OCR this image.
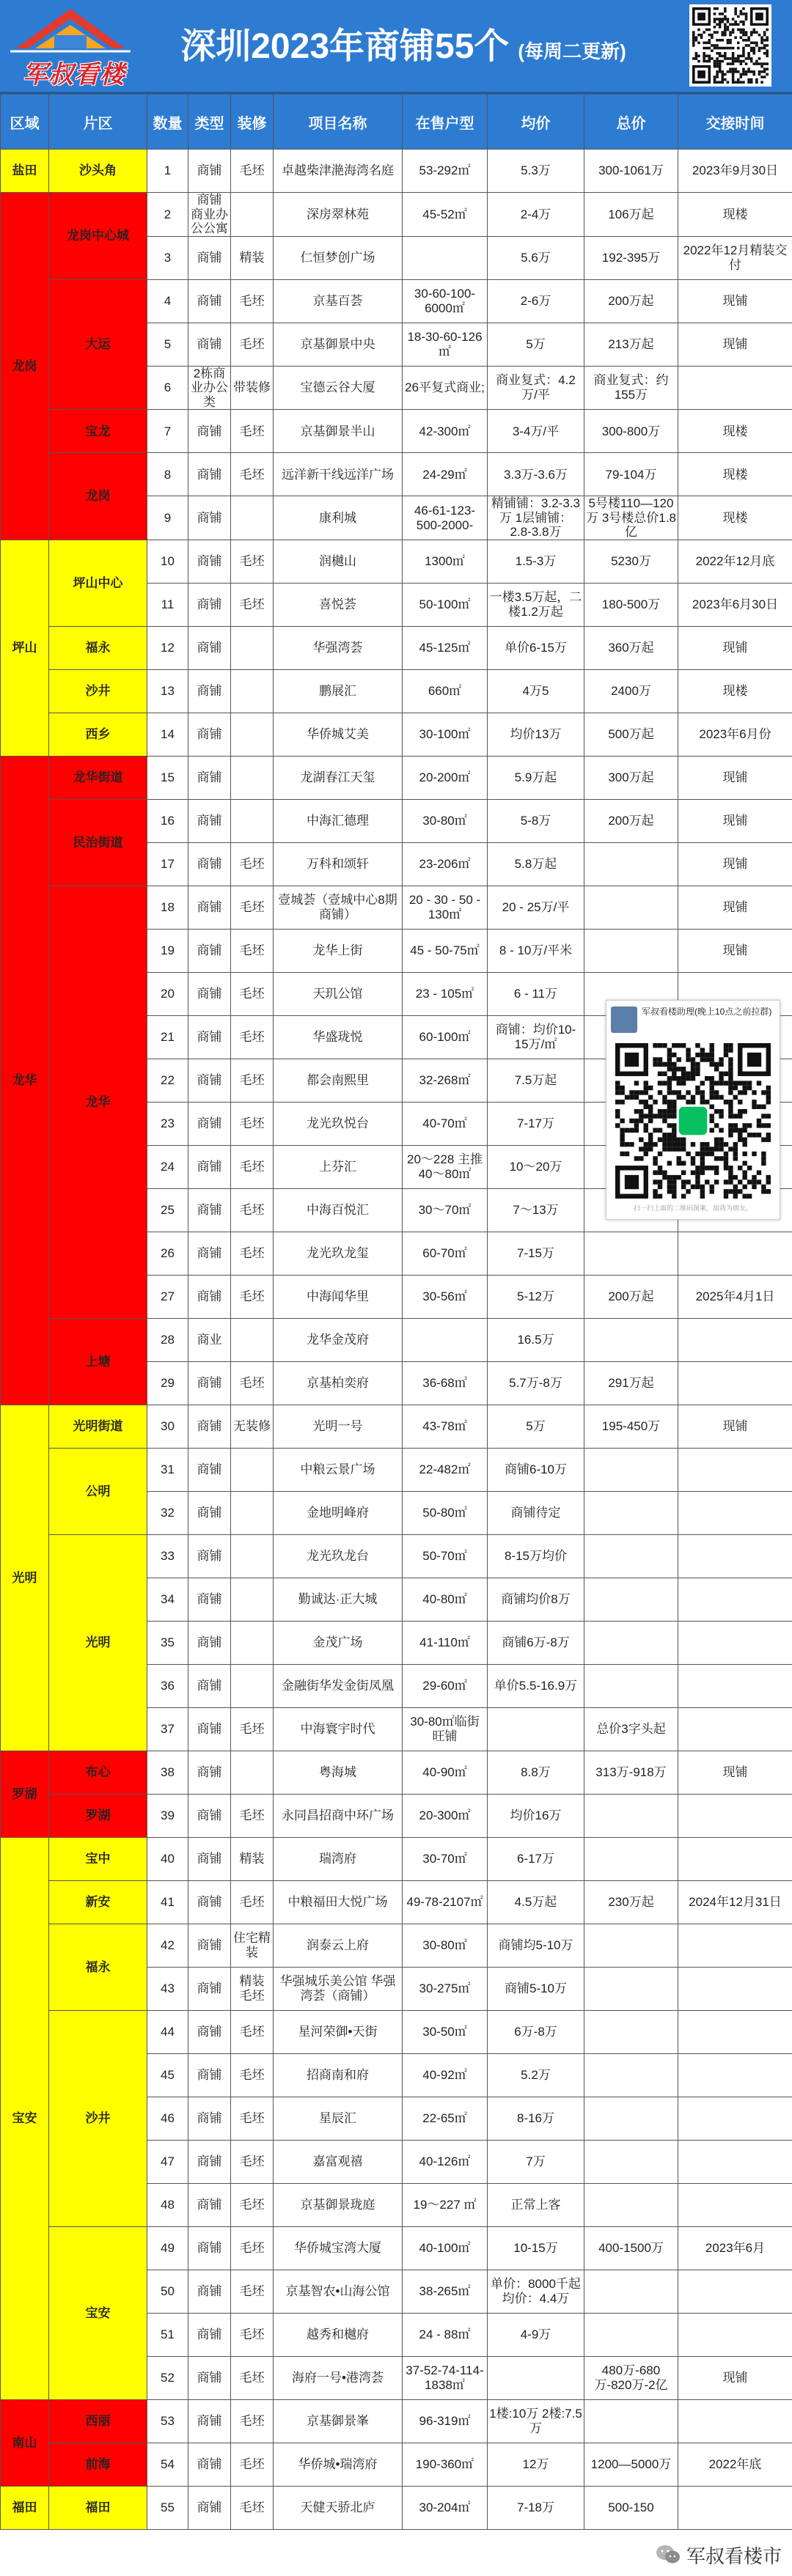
军叔看楼
深圳2023年商铺55个 (每周二更新)
区域	片区	数量	类型	装修	项目名称	在售户型	均价	总价	交接时间
盐田	沙头角	1	商铺	毛坯	卓越柴津滟海湾名庭	53-292㎡	5.3万	300-1061万	2023年9月30日
龙岗	龙岗中心城	2	商铺 商业办公公寓		深房翠林苑	45-52㎡	2-4万	106万起	现楼
		3	商铺	精装	仁恒梦创广场		5.6万	192-395万	2022年12月精装交付
	大运	4	商铺	毛坯	京基百荟	30-60-100-6000㎡	2-6万	200万起	现铺
		5	商铺	毛坯	京基御景中央	18-30-60-126㎡	5万	213万起	现铺
		6	2栋商业办公类	带装修	宝德云谷大厦	26平复式商业;	商业复式：4.2万/平	商业复式：约155万	
	宝龙	7	商铺	毛坯	京基御景半山	42-300㎡	3-4万/平	300-800万	现楼
	龙岗	8	商铺	毛坯	远洋新干线远洋广场	24-29㎡	3.3万-3.6万	79-104万	现楼
		9	商铺		康利城	46-61-123-500-2000-	精铺铺：3.2-3.3万 1层铺铺：2.8-3.8万	5号楼110—120万 3号楼总价1.8亿	现楼
坪山	坪山中心	10	商铺	毛坯	润樾山	1300㎡	1.5-3万	5230万	2022年12月底
		11	商铺	毛坯	喜悦荟	50-100㎡	一楼3.5万起，二楼1.2万起	180-500万	2023年6月30日
	福永	12	商铺		华强湾荟	45-125㎡	单价6-15万	360万起	现铺
	沙井	13	商铺		鹏展汇	660㎡	4万5	2400万	现楼
	西乡	14	商铺		华侨城艾美	30-100㎡	均价13万	500万起	2023年6月份
龙华	龙华街道	15	商铺		龙湖春江天玺	20-200㎡	5.9万起	300万起	现铺
	民治街道	16	商铺		中海汇德理	30-80㎡	5-8万	200万起	现铺
		17	商铺	毛坯	万科和颂轩	23-206㎡	5.8万起		现铺
	龙华	18	商铺	毛坯	壹城荟（壹城中心8期商铺）	20 - 30 - 50 - 130㎡	20 - 25万/平		现铺
		19	商铺	毛坯	龙华上街	45 - 50-75㎡	8 - 10万/平米		现铺
		20	商铺	毛坯	天玑公馆	23 - 105㎡	6 - 11万		
		21	商铺	毛坯	华盛珑悦	60-100㎡	商铺：均价10-15万/㎡		
		22	商铺	毛坯	都会南熙里	32-268㎡	7.5万起		
		23	商铺	毛坯	龙光玖悦台	40-70㎡	7-17万		
		24	商铺	毛坯	上芬汇	20～228 主推40～80㎡	10～20万		
		25	商铺	毛坯	中海百悦汇	30～70㎡	7～13万		
		26	商铺	毛坯	龙光玖龙玺	60-70㎡	7-15万		
		27	商铺	毛坯	中海闻华里	30-56㎡	5-12万	200万起	2025年4月1日
	上塘	28	商业		龙华金茂府		16.5万		
		29	商铺	毛坯	京基柏奕府	36-68㎡	5.7万-8万	291万起	
光明	光明街道	30	商铺	无装修	光明一号	43-78㎡	5万	195-450万	现铺
	公明	31	商铺		中粮云景广场	22-482㎡	商铺6-10万		
		32	商铺		金地明峰府	50-80㎡	商铺待定		
	光明	33	商铺		龙光玖龙台	50-70㎡	8-15万均价		
		34	商铺		勤诚达·正大城	40-80㎡	商铺均价8万		
		35	商铺		金茂广场	41-110㎡	商铺6万-8万		
		36	商铺		金融街华发金街凤凰	29-60㎡	单价5.5-16.9万		
		37	商铺	毛坯	中海寰宇时代	30-80㎡临街旺铺		总价3字头起	
罗湖	布心	38	商铺		粤海城	40-90㎡	8.8万	313万-918万	现铺
	罗湖	39	商铺	毛坯	永同昌招商中环广场	20-300㎡	均价16万		
宝安	宝中	40	商铺	精装	瑞湾府	30-70㎡	6-17万		
	新安	41	商铺	毛坯	中粮福田大悦广场	49-78-2107㎡	4.5万起	230万起	2024年12月31日
	福永	42	商铺	住宅精装	润泰云上府	30-80㎡	商铺均5-10万		
		43	商铺	精装 毛坯	华强城乐美公馆 华强湾荟（商铺）	30-275㎡	商铺5-10万		
	沙井	44	商铺	毛坯	星河荣御•天街	30-50㎡	6万-8万		
		45	商铺	毛坯	招商南和府	40-92㎡	5.2万		
		46	商铺	毛坯	星辰汇	22-65㎡	8-16万		
		47	商铺	毛坯	嘉富观禧	40-126㎡	7万		
		48	商铺	毛坯	京基御景珑庭	19～227 ㎡	正常上客		
	宝安	49	商铺	毛坯	华侨城宝湾大厦	40-100㎡	10-15万	400-1500万	2023年6月
		50	商铺	毛坯	京基智农•山海公馆	38-265㎡	单价：8000千起 均价：4.4万		
		51	商铺	毛坯	越秀和樾府	24 - 88㎡	4-9万		
		52	商铺	毛坯	海府一号•港湾荟	37-52-74-114-1838㎡		480万-680万-820万-2亿	现铺
南山	西丽	53	商铺	毛坯	京基御景峯	96-319㎡	1楼:10万 2楼:7.5万		
	前海	54	商铺	毛坯	华侨城•瑞湾府	190-360㎡	12万	1200—5000万	2022年底
福田	福田	55	商铺	毛坯	天健天骄北庐	30-204㎡	7-18万	500-150	
军叔看楼助理(晚上10点之前拉群)
扫一扫上面的二维码图案，加我为朋友。
军叔看楼市
